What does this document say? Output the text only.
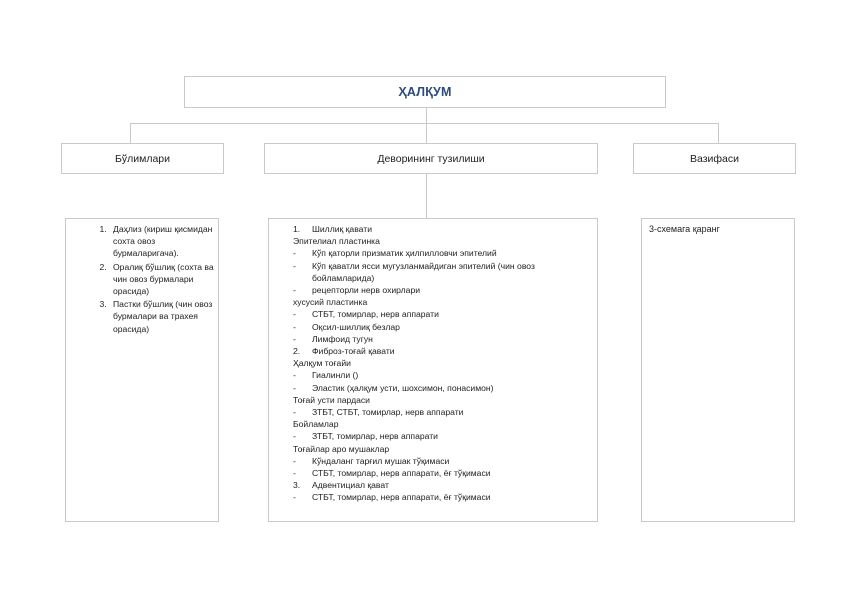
ҲАЛҚУМ
Бўлимлари	Деворининг тузилиши	Вазифаси
1. Даҳлиз (кириш қисмидан сохта овоз бурмаларигача).
2. Оралиқ бўшлиқ (сохта ва чин овоз бурмалари орасида)
3. Пастки бўшлиқ (чин овоз бурмалари ва трахея орасида)
1.	Шиллиқ қавати
Эпителиал пластинка
-	Кўп қаторли призматик ҳилпилловчи эпителий
-	Кўп қаватли ясси мугузланмайдиган эпителий (чин овоз бойламларида)
-	рецепторли нерв охирлари
хусусий пластинка
-	СТБТ, томирлар, нерв аппарати
-	Оқсил-шиллиқ безлар
-	Лимфоид тугун
2.	Фиброз-тоғай қавати
Ҳалқум тоғайи
-	Гиалинли ()
-	Эластик (ҳалқум усти, шохсимон, понасимон)
Тоғай усти пардаси
-	ЗТБТ, СТБТ, томирлар, нерв аппарати
Бойламлар
-	ЗТБТ, томирлар, нерв аппарати
Тоғайлар аро мушаклар
-	Кўндаланг тарғил мушак тўқимаси
-	СТБТ, томирлар, нерв аппарати, ёғ тўқимаси
3.	Адвентициал қават
-	СТБТ, томирлар, нерв аппарати, ёғ тўқимаси
3-схемага қаранг
